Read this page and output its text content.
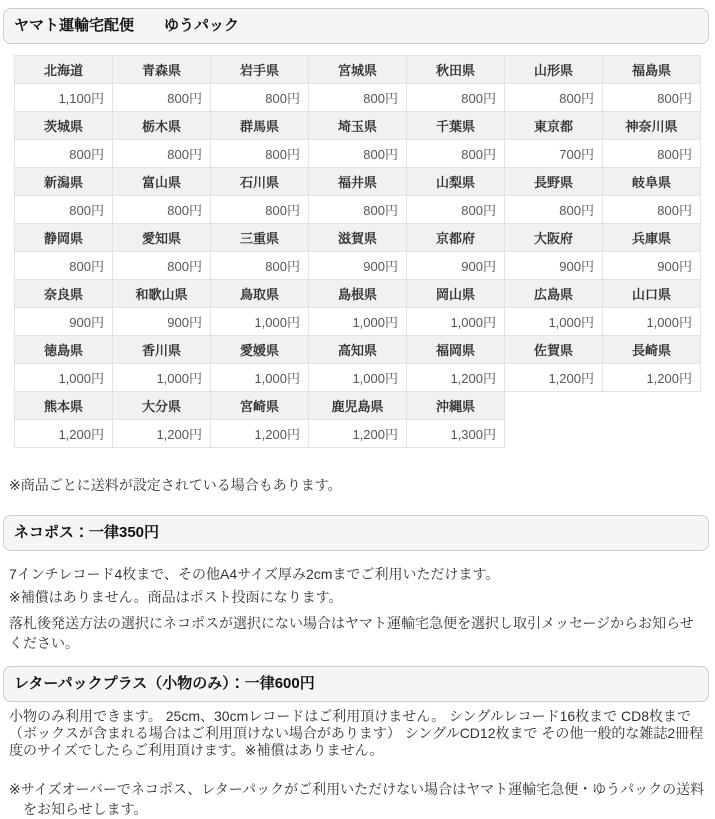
ヤマト運輸宅配便　　ゆうパック
北海道	青森県	岩手県	宮城県	秋田県	山形県	福島県
1,100円	800円	800円	800円	800円	800円	800円
茨城県	栃木県	群馬県	埼玉県	千葉県	東京都	神奈川県
800円	800円	800円	800円	800円	700円	800円
新潟県	富山県	石川県	福井県	山梨県	長野県	岐阜県
800円	800円	800円	800円	800円	800円	800円
静岡県	愛知県	三重県	滋賀県	京都府	大阪府	兵庫県
800円	800円	800円	900円	900円	900円	900円
奈良県	和歌山県	鳥取県	島根県	岡山県	広島県	山口県
900円	900円	1,000円	1,000円	1,000円	1,000円	1,000円
徳島県	香川県	愛媛県	高知県	福岡県	佐賀県	長崎県
1,000円	1,000円	1,000円	1,000円	1,200円	1,200円	1,200円
熊本県	大分県	宮崎県	鹿児島県	沖縄県		
1,200円	1,200円	1,200円	1,200円	1,300円		
※商品ごとに送料が設定されている場合もあります。
ネコポス：一律350円
7インチレコード4枚まで、その他A4サイズ厚み2cmまでご利用いただけます。
※補償はありません。商品はポスト投函になります。
落札後発送方法の選択にネコポスが選択にない場合はヤマト運輸宅急便を選択し取引メッセージからお知らせください。
レターパックプラス（小物のみ）：一律600円
小物のみ利用できます。 25cm、30cmレコードはご利用頂けません。 シングルレコード16枚まで CD8枚まで（ボックスが含まれる場合はご利用頂けない場合があります） シングルCD12枚まで その他一般的な雑誌2冊程度のサイズでしたらご利用頂けます。※補償はありません。
※サイズオーバーでネコポス、レターパックがご利用いただけない場合はヤマト運輸宅急便・ゆうパックの送料をお知らせします。
